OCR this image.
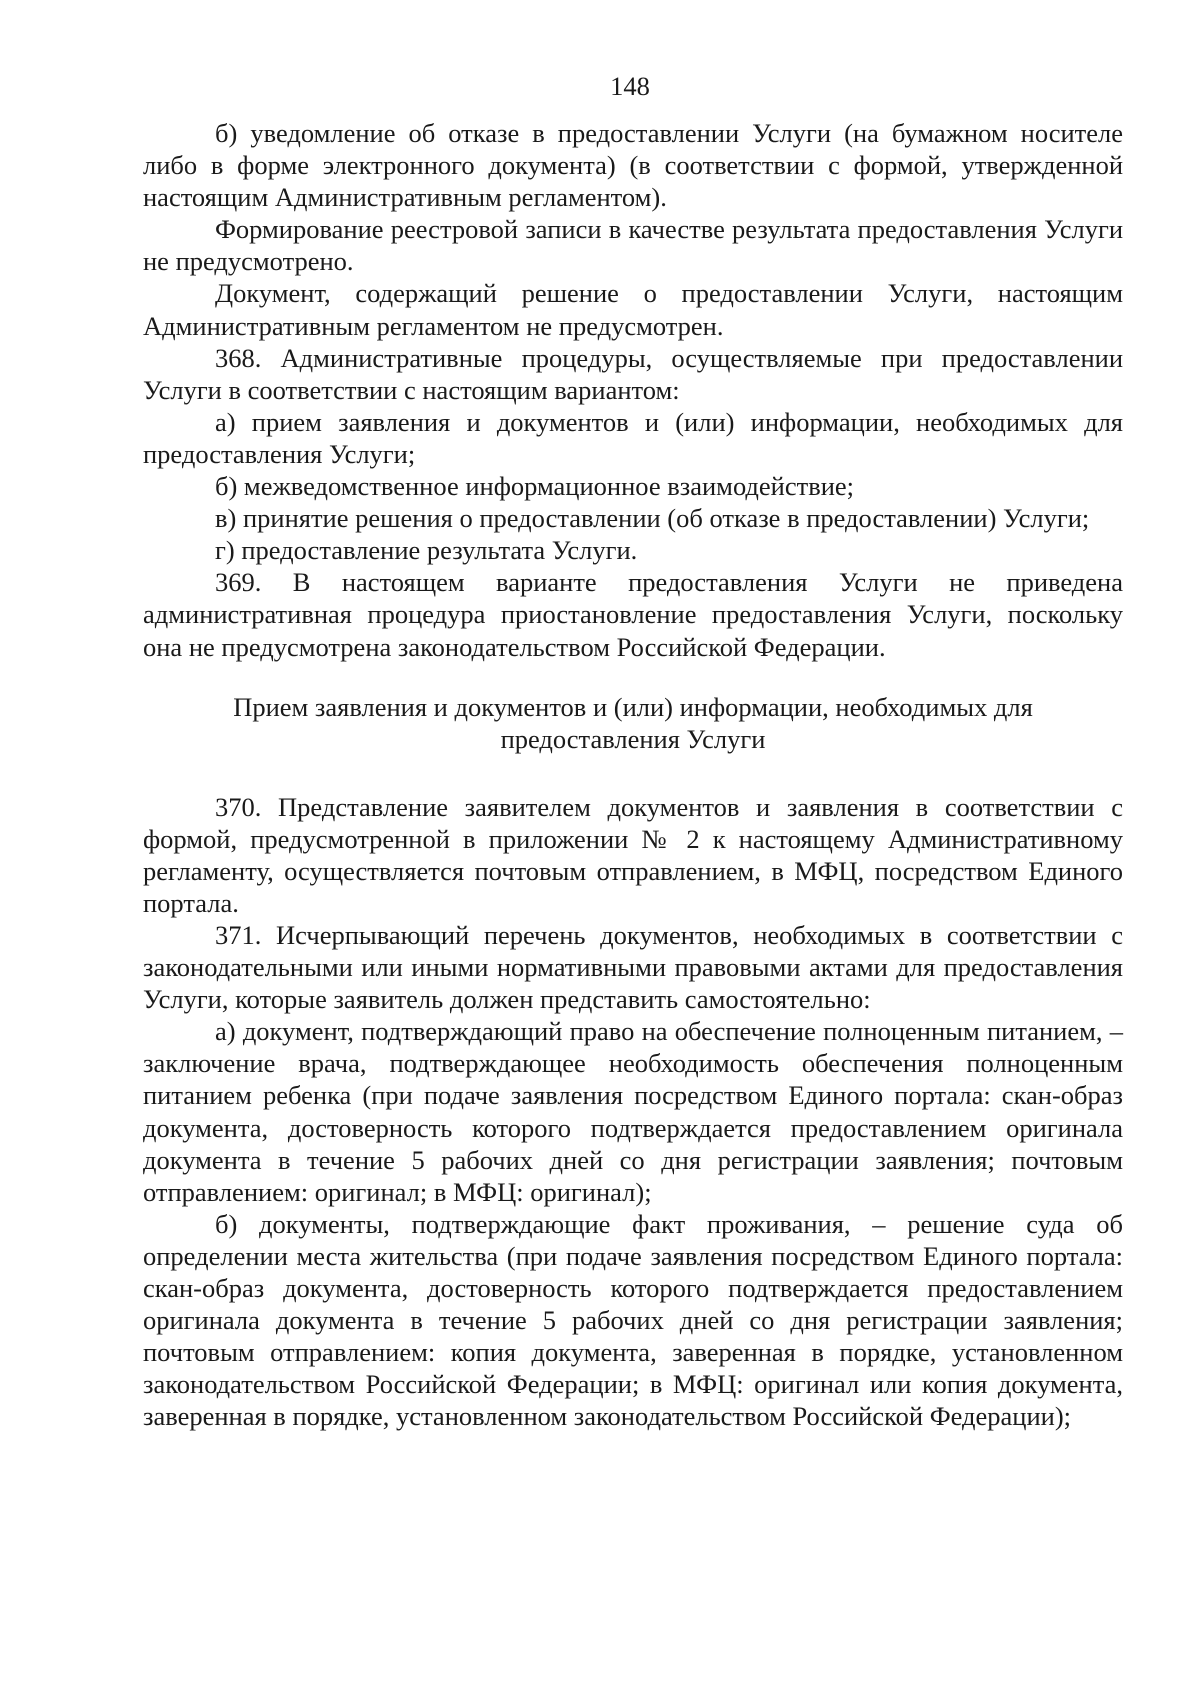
148

б) уведомление об отказе в предоставлении Услуги (на бумажном носителе либо в форме электронного документа) (в соответствии с формой, утвержденной настоящим Административным регламентом).

Формирование реестровой записи в качестве результата предоставления Услуги не предусмотрено.

Документ, содержащий решение о предоставлении Услуги, настоящим Административным регламентом не предусмотрен.

368. Административные процедуры, осуществляемые при предоставлении Услуги в соответствии с настоящим вариантом:

а) прием заявления и документов и (или) информации, необходимых для предоставления Услуги;

б) межведомственное информационное взаимодействие;

в) принятие решения о предоставлении (об отказе в предоставлении) Услуги;

г) предоставление результата Услуги.

369. В настоящем варианте предоставления Услуги не приведена административная процедура приостановление предоставления Услуги, поскольку она не предусмотрена законодательством Российской Федерации.

Прием заявления и документов и (или) информации, необходимых для
предоставления Услуги

370. Представление заявителем документов и заявления в соответствии с формой, предусмотренной в приложении № 2 к настоящему Административному регламенту, осуществляется почтовым отправлением, в МФЦ, посредством Единого портала.

371. Исчерпывающий перечень документов, необходимых в соответствии с законодательными или иными нормативными правовыми актами для предоставления Услуги, которые заявитель должен представить самостоятельно:

а) документ, подтверждающий право на обеспечение полноценным питанием, – заключение врача, подтверждающее необходимость обеспечения полноценным питанием ребенка (при подаче заявления посредством Единого портала: скан-образ документа, достоверность которого подтверждается предоставлением оригинала документа в течение 5 рабочих дней со дня регистрации заявления; почтовым отправлением: оригинал; в МФЦ: оригинал);

б) документы, подтверждающие факт проживания, – решение суда об определении места жительства (при подаче заявления посредством Единого портала: скан-образ документа, достоверность которого подтверждается предоставлением оригинала документа в течение 5 рабочих дней со дня регистрации заявления; почтовым отправлением: копия документа, заверенная в порядке, установленном законодательством Российской Федерации; в МФЦ: оригинал или копия документа, заверенная в порядке, установленном законодательством Российской Федерации);
